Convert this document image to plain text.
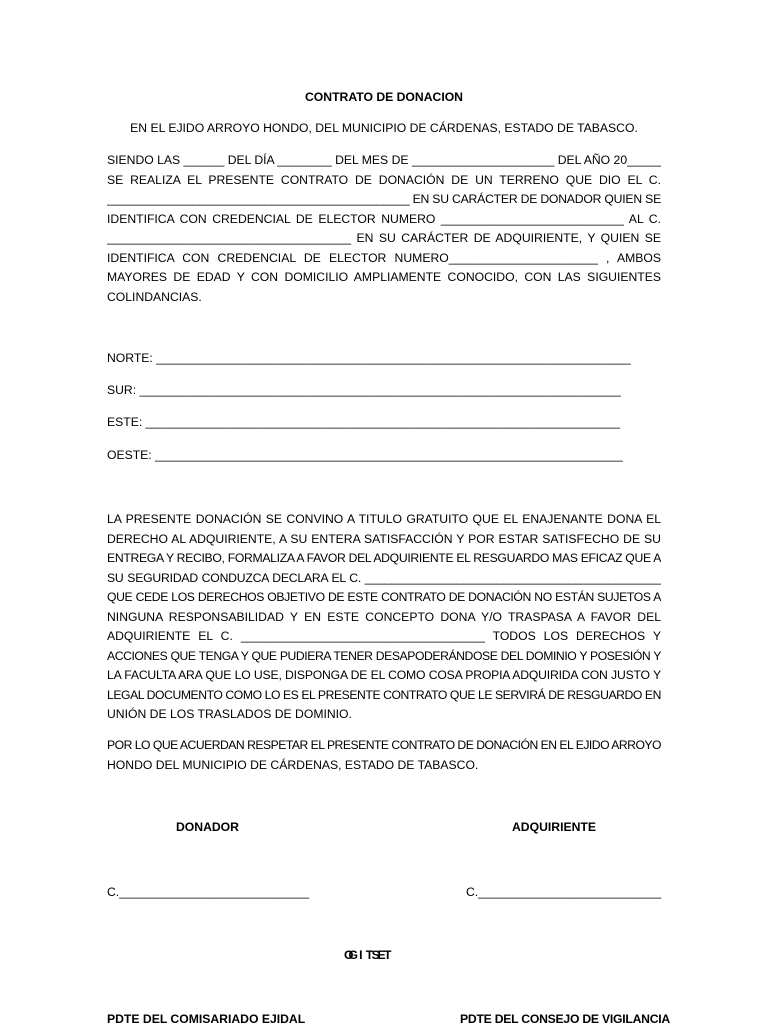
CONTRATO DE DONACION
EN EL EJIDO ARROYO HONDO, DEL MUNICIPIO DE CÁRDENAS, ESTADO DE TABASCO.
SIENDO LAS ______ DEL DÍA ________ DEL MES DE _____________________ DEL AÑO 20_____
SE REALIZA EL PRESENTE CONTRATO DE DONACIÓN DE UN TERRENO QUE DIO EL C.
______________________________________________ EN SU CARÁCTER DE DONADOR QUIEN SE
IDENTIFICA CON CREDENCIAL DE ELECTOR NUMERO ___________________________ AL C.
____________________________________ EN SU CARÁCTER DE ADQUIRIENTE, Y QUIEN SE
IDENTIFICA CON CREDENCIAL DE ELECTOR NUMERO______________________ , AMBOS
MAYORES DE EDAD Y CON DOMICILIO AMPLIAMENTE CONOCIDO, CON LAS SIGUIENTES
COLINDANCIAS.
NORTE: ______________________________________________________________________
SUR: _______________________________________________________________________
ESTE: ______________________________________________________________________
OESTE: _____________________________________________________________________
LA PRESENTE DONACIÓN SE CONVINO A TITULO GRATUITO QUE EL ENAJENANTE DONA EL
DERECHO AL ADQUIRIENTE, A SU ENTERA SATISFACCIÓN Y POR ESTAR SATISFECHO DE SU
ENTREGA Y RECIBO, FORMALIZA A FAVOR DEL ADQUIRIENTE EL RESGUARDO MAS EFICAZ QUE A
SU SEGURIDAD CONDUZCA DECLARA EL C. _____________________________________________
QUE CEDE LOS DERECHOS OBJETIVO DE ESTE CONTRATO DE DONACIÓN NO ESTÁN SUJETOS A
NINGUNA RESPONSABILIDAD Y EN ESTE CONCEPTO DONA Y/O TRASPASA A FAVOR DEL
ADQUIRIENTE EL C. ____________________________________ TODOS LOS DERECHOS Y
ACCIONES QUE TENGA Y QUE PUDIERA TENER DESAPODERÁNDOSE DEL DOMINIO Y POSESIÓN Y
LA FACULTA ARA QUE LO USE, DISPONGA DE EL COMO COSA PROPIA ADQUIRIDA CON JUSTO Y
LEGAL DOCUMENTO COMO LO ES EL PRESENTE CONTRATO QUE LE SERVIRÁ DE RESGUARDO EN
UNIÓN DE LOS TRASLADOS DE DOMINIO.
POR LO QUE ACUERDAN RESPETAR EL PRESENTE CONTRATO DE DONACIÓN EN EL EJIDO ARROYO
HONDO DEL MUNICIPIO DE CÁRDENAS, ESTADO DE TABASCO.
DONADOR	ADQUIRIENTE
C.____________________________	C.___________________________
PDTE DEL COMISARIADO EJIDAL	PDTE DEL CONSEJO DE VIGILANCIA
